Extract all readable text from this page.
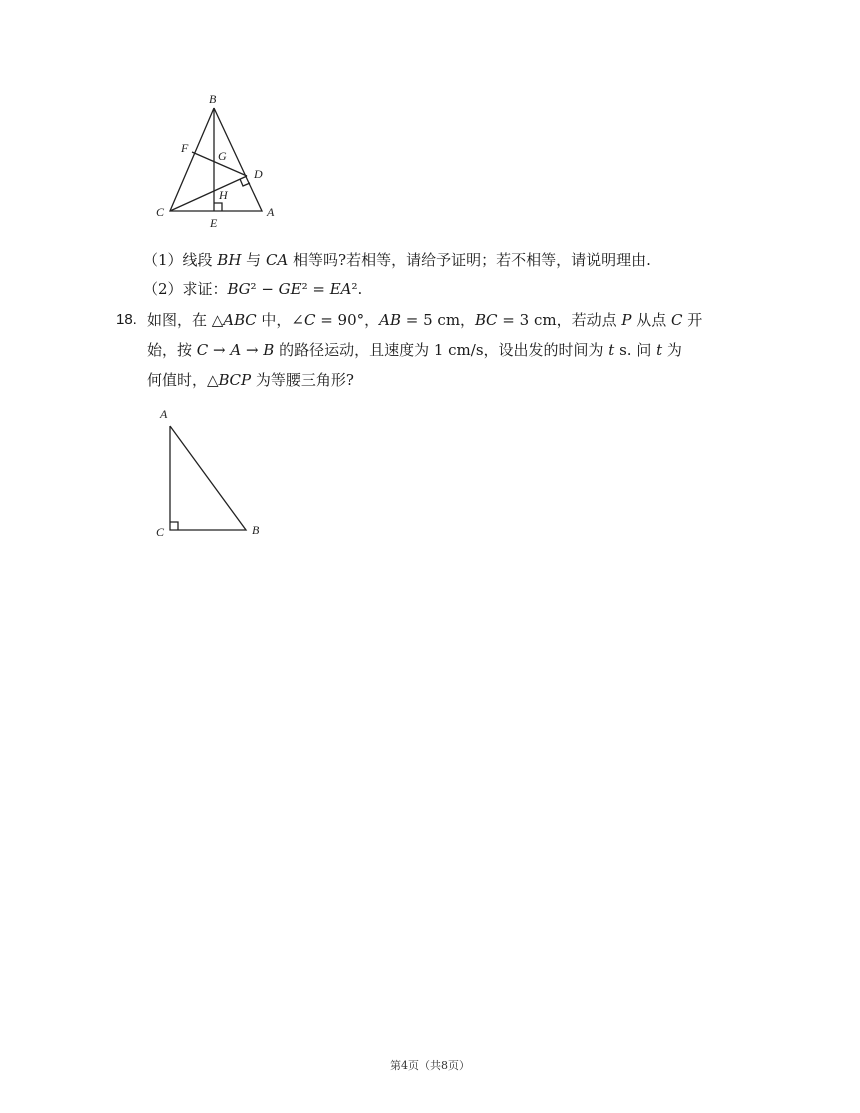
B
F
G
D
H
C
E
A
（1）线段 𝐵𝐻 与 𝐶𝐴 相等吗?若相等，请给予证明；若不相等，请说明理由.
（2）求证：𝐵𝐺² − 𝐺𝐸² = 𝐸𝐴².
18. 如图，在 △𝐴𝐵𝐶 中，∠𝐶 = 90°，𝐴𝐵 = 5 cm，𝐵𝐶 = 3 cm，若动点 𝑃 从点 𝐶 开
始，按 𝐶 → 𝐴 → 𝐵 的路径运动，且速度为 1 cm/s，设出发的时间为 𝑡 s. 问 𝑡 为
何值时，△𝐵𝐶𝑃 为等腰三角形?
A
C	B
第4页（共8页）
